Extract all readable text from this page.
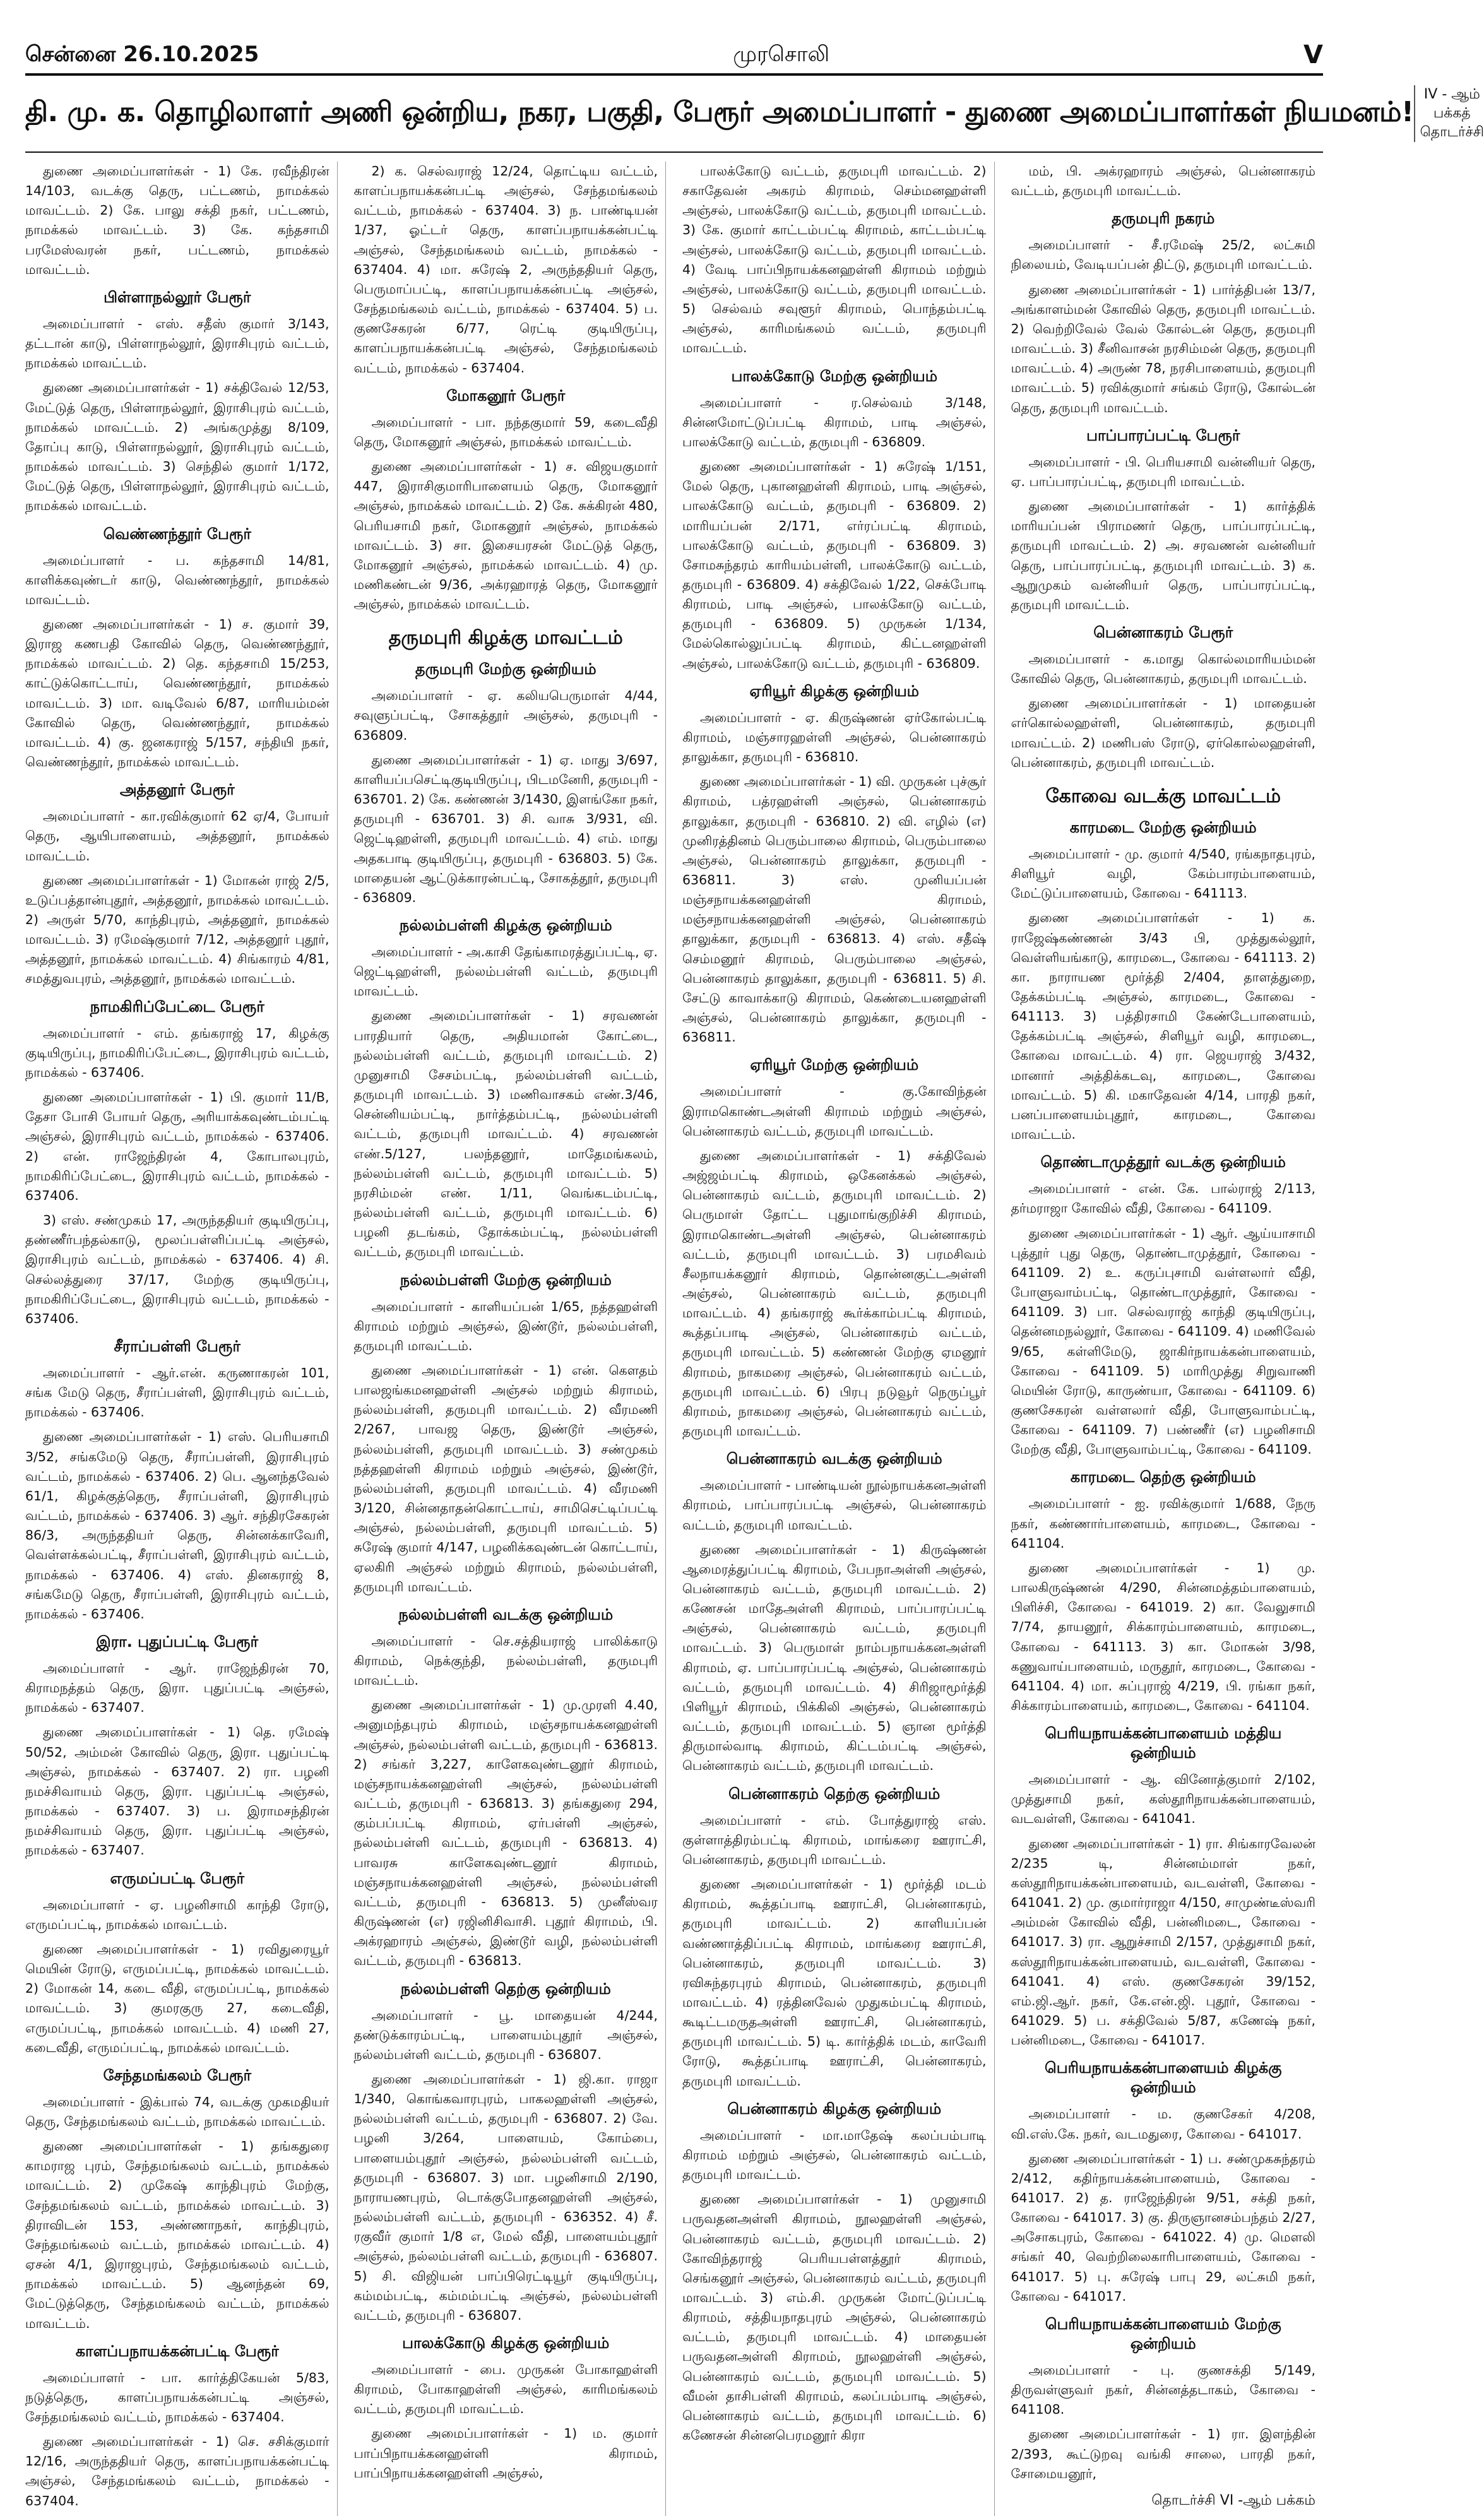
சென்னை 26.10.2025	முரசொலி	V
தி. மு. க. தொழிலாளர் அணி ஒன்றிய, நகர, பகுதி, பேரூர் அமைப்பாளர் - துணை அமைப்பாளர்கள் நியமனம்!
IV - ஆம் பக்கத் தொடர்ச்சி

துணை அமைப்பாளர்கள் - 1) கே. ரவீந்திரன் 14/103, வடக்கு தெரு, பட்டணம், நாமக்கல் மாவட்டம். 2) கே. பாலு சக்தி நகர், பட்டணம், நாமக்கல் மாவட்டம். 3) கே. கந்தசாமி பரமேஸ்வரன் நகர், பட்டணம், நாமக்கல் மாவட்டம்.

பிள்ளாநல்லூர் பேரூர்

அமைப்பாளர் - எஸ். சதீஸ் குமார் 3/143, தட்டான் காடு, பிள்ளாநல்லூர், இராசிபுரம் வட்டம், நாமக்கல் மாவட்டம்.

துணை அமைப்பாளர்கள் - 1) சக்திவேல் 12/53, மேட்டுத் தெரு, பிள்ளாநல்லூர், இராசிபுரம் வட்டம், நாமக்கல் மாவட்டம். 2) அங்கமுத்து 8/109, தோப்பு காடு, பிள்ளாநல்லூர், இராசிபுரம் வட்டம், நாமக்கல் மாவட்டம். 3) செந்தில் குமார் 1/172, மேட்டுத் தெரு, பிள்ளாநல்லூர், இராசிபுரம் வட்டம், நாமக்கல் மாவட்டம்.

வெண்ணந்தூர் பேரூர்

அமைப்பாளர் - ப. கந்தசாமி 14/81, காளிக்கவுண்டர் காடு, வெண்ணந்தூர், நாமக்கல் மாவட்டம்.

துணை அமைப்பாளர்கள் - 1) ச. குமார் 39, இராஜ கணபதி கோவில் தெரு, வெண்ணந்தூர், நாமக்கல் மாவட்டம். 2) தெ. கந்தசாமி 15/253, காட்டுக்கொட்டாய், வெண்ணந்தூர், நாமக்கல் மாவட்டம். 3) மா. வடிவேல் 6/87, மாரியம்மன் கோவில் தெரு, வெண்ணந்தூர், நாமக்கல் மாவட்டம். 4) கு. ஜனகராஜ் 5/157, சந்தியி நகர், வெண்ணந்தூர், நாமக்கல் மாவட்டம்.

அத்தனூர் பேரூர்

அமைப்பாளர் - கா.ரவிக்குமார் 62 ஏ/4, போயர் தெரு, ஆயிபாளையம், அத்தனூர், நாமக்கல் மாவட்டம்.

துணை அமைப்பாளர்கள் - 1) மோகன் ராஜ் 2/5, உடுப்பத்தான்புதூர், அத்தனூர், நாமக்கல் மாவட்டம். 2) அருள் 5/70, காந்திபுரம், அத்தனூர், நாமக்கல் மாவட்டம். 3) ரமேஷ்குமார் 7/12, அத்தனூர் புதூர், அத்தனூர், நாமக்கல் மாவட்டம். 4) சிங்காரம் 4/81, சமத்துவபுரம், அத்தனூர், நாமக்கல் மாவட்டம்.

நாமகிரிப்பேட்டை பேரூர்

அமைப்பாளர் - எம். தங்கராஜ் 17, கிழக்கு குடியிருப்பு, நாமகிரிப்பேட்டை, இராசிபுரம் வட்டம், நாமக்கல் - 637406.

துணை அமைப்பாளர்கள் - 1) பி. குமார் 11/B, தேசா போசி போயர் தெரு, அரியாக்கவுண்டம்பட்டி அஞ்சல், இராசிபுரம் வட்டம், நாமக்கல் - 637406. 2) என். ராஜேந்திரன் 4, கோபாலபுரம், நாமகிரிப்பேட்டை, இராசிபுரம் வட்டம், நாமக்கல் - 637406.

3) எஸ். சண்முகம் 17, அருந்ததியர் குடியிருப்பு, தண்ணீர்பந்தல்காடு, மூலப்பள்ளிப்பட்டி அஞ்சல், இராசிபுரம் வட்டம், நாமக்கல் - 637406. 4) சி. செல்லத்துரை 37/17, மேற்கு குடியிருப்பு, நாமகிரிப்பேட்டை, இராசிபுரம் வட்டம், நாமக்கல் - 637406.

சீராப்பள்ளி பேரூர்

அமைப்பாளர் - ஆர்.என். கருணாகரன் 101, சங்க மேடு தெரு, சீராப்பள்ளி, இராசிபுரம் வட்டம், நாமக்கல் - 637406.

துணை அமைப்பாளர்கள் - 1) எஸ். பெரியசாமி 3/52, சங்கமேடு தெரு, சீராப்பள்ளி, இராசிபுரம் வட்டம், நாமக்கல் - 637406. 2) பெ. ஆனந்தவேல் 61/1, கிழக்குத்தெரு, சீராப்பள்ளி, இராசிபுரம் வட்டம், நாமக்கல் - 637406. 3) ஆர். சந்திரசேகரன் 86/3, அருந்ததியர் தெரு, சின்னக்காவேரி, வெள்ளக்கல்பட்டி, சீராப்பள்ளி, இராசிபுரம் வட்டம், நாமக்கல் - 637406. 4) எஸ். தினகராஜ் 8, சங்கமேடு தெரு, சீராப்பள்ளி, இராசிபுரம் வட்டம், நாமக்கல் - 637406.

இரா. புதுப்பட்டி பேரூர்

அமைப்பாளர் - ஆர். ராஜேந்திரன் 70, கிராமநத்தம் தெரு, இரா. புதுப்பட்டி அஞ்சல், நாமக்கல் - 637407.

துணை அமைப்பாளர்கள் - 1) தெ. ரமேஷ் 50/52, அம்மன் கோவில் தெரு, இரா. புதுப்பட்டி அஞ்சல், நாமக்கல் - 637407. 2) ரா. பழனி நமச்சிவாயம் தெரு, இரா. புதுப்பட்டி அஞ்சல், நாமக்கல் - 637407. 3) ப. இராமசந்திரன் நமச்சிவாயம் தெரு, இரா. புதுப்பட்டி அஞ்சல், நாமக்கல் - 637407.

எருமப்பட்டி பேரூர்

அமைப்பாளர் - ஏ. பழனிசாமி காந்தி ரோடு, எருமப்பட்டி, நாமக்கல் மாவட்டம்.

துணை அமைப்பாளர்கள் - 1) ரவிதுரையூர் மெயின் ரோடு, எருமப்பட்டி, நாமக்கல் மாவட்டம். 2) மோகன் 14, கடை வீதி, எருமப்பட்டி, நாமக்கல் மாவட்டம். 3) குமரகுரு 27, கடைவீதி, எருமப்பட்டி, நாமக்கல் மாவட்டம். 4) மணி 27, கடைவீதி, எருமப்பட்டி, நாமக்கல் மாவட்டம்.

சேந்தமங்கலம் பேரூர்

அமைப்பாளர் - இக்பால் 74, வடக்கு முகமதியர் தெரு, சேந்தமங்கலம் வட்டம், நாமக்கல் மாவட்டம்.

துணை அமைப்பாளர்கள் - 1) தங்கதுரை காமராஜ புரம், சேந்தமங்கலம் வட்டம், நாமக்கல் மாவட்டம். 2) முகேஷ் காந்திபுரம் மேற்கு, சேந்தமங்கலம் வட்டம், நாமக்கல் மாவட்டம். 3) திராவிடன் 153, அண்ணாநகர், காந்திபுரம், சேந்தமங்கலம் வட்டம், நாமக்கல் மாவட்டம். 4) ஏசன் 4/1, இராஜபுரம், சேந்தமங்கலம் வட்டம், நாமக்கல் மாவட்டம். 5) ஆனந்தன் 69, மேட்டுத்தெரு, சேந்தமங்கலம் வட்டம், நாமக்கல் மாவட்டம்.

காளப்பநாயக்கன்பட்டி பேரூர்

அமைப்பாளர் - பா. கார்த்திகேயன் 5/83, நடுத்தெரு, காளப்பநாயக்கன்பட்டி அஞ்சல், சேந்தமங்கலம் வட்டம், நாமக்கல் - 637404.

துணை அமைப்பாளர்கள் - 1) செ. சசிக்குமார் 12/16, அருந்ததியர் தெரு, காளப்பநாயக்கன்பட்டி அஞ்சல், சேந்தமங்கலம் வட்டம், நாமக்கல் - 637404.

2) க. செல்வராஜ் 12/24, தொட்டிய வட்டம், காளப்பநாயக்கன்பட்டி அஞ்சல், சேந்தமங்கலம் வட்டம், நாமக்கல் - 637404. 3) ந. பாண்டியன் 1/37, ஓட்டர் தெரு, காளப்பநாயக்கன்பட்டி அஞ்சல், சேந்தமங்கலம் வட்டம், நாமக்கல் - 637404. 4) மா. சுரேஷ் 2, அருந்ததியர் தெரு, பெருமாப்பட்டி, காளப்பநாயக்கன்பட்டி அஞ்சல், சேந்தமங்கலம் வட்டம், நாமக்கல் - 637404. 5) ப. குணசேகரன் 6/77, ரெட்டி குடியிருப்பு, காளப்பநாயக்கன்பட்டி அஞ்சல், சேந்தமங்கலம் வட்டம், நாமக்கல் - 637404.

மோகனூர் பேரூர்

அமைப்பாளர் - பா. நந்தகுமார் 59, கடைவீதி தெரு, மோகனூர் அஞ்சல், நாமக்கல் மாவட்டம்.

துணை அமைப்பாளர்கள் - 1) ச. விஜயகுமார் 447, இராசிகுமாரிபாளையம் தெரு, மோகனூர் அஞ்சல், நாமக்கல் மாவட்டம். 2) கே. சுக்கிரன் 480, பெரியசாமி நகர், மோகனூர் அஞ்சல், நாமக்கல் மாவட்டம். 3) சா. இசையரசன் மேட்டுத் தெரு, மோகனூர் அஞ்சல், நாமக்கல் மாவட்டம். 4) மு. மணிகண்டன் 9/36, அக்ரஹாரத் தெரு, மோகனூர் அஞ்சல், நாமக்கல் மாவட்டம்.

தருமபுரி கிழக்கு மாவட்டம்
தருமபுரி மேற்கு ஒன்றியம்

அமைப்பாளர் - ஏ. கலியபெருமாள் 4/44, சவுளுப்பட்டி, சோகத்தூர் அஞ்சல், தருமபுரி - 636809.

துணை அமைப்பாளர்கள் - 1) ஏ. மாது 3/697, காளியப்பசெட்டிகுடியிருப்பு, பிடமனேரி, தருமபுரி - 636701. 2) கே. கண்ணன் 3/1430, இளங்கோ நகர், தருமபுரி - 636701. 3) சி. வாசு 3/931, வி. ஜெட்டிஹள்ளி, தருமபுரி மாவட்டம். 4) எம். மாது அதகபாடி குடியிருப்பு, தருமபுரி - 636803. 5) கே. மாதையன் ஆட்டுக்காரன்பட்டி, சோகத்தூர், தருமபுரி - 636809.

நல்லம்பள்ளி கிழக்கு ஒன்றியம்

அமைப்பாளர் - அ.காசி தேங்காமரத்துப்பட்டி, ஏ. ஜெட்டிஹள்ளி, நல்லம்பள்ளி வட்டம், தருமபுரி மாவட்டம்.

துணை அமைப்பாளர்கள் - 1) சரவணன் பாரதியார் தெரு, அதியமான் கோட்டை, நல்லம்பள்ளி வட்டம், தருமபுரி மாவட்டம். 2) முனுசாமி சேசம்பட்டி, நல்லம்பள்ளி வட்டம், தருமபுரி மாவட்டம். 3) மணிவாசகம் எண்.3/46, சென்னியம்பட்டி, நார்த்தம்பட்டி, நல்லம்பள்ளி வட்டம், தருமபுரி மாவட்டம். 4) சரவணன் எண்.5/127, பலந்தனூர், மாதேமங்கலம், நல்லம்பள்ளி வட்டம், தருமபுரி மாவட்டம். 5) நரசிம்மன் எண். 1/11, வெங்கடம்பட்டி, நல்லம்பள்ளி வட்டம், தருமபுரி மாவட்டம். 6) பழனி தடங்கம், தோக்கம்பட்டி, நல்லம்பள்ளி வட்டம், தருமபுரி மாவட்டம்.

நல்லம்பள்ளி மேற்கு ஒன்றியம்

அமைப்பாளர் - காளியப்பன் 1/65, நத்தஹள்ளி கிராமம் மற்றும் அஞ்சல், இண்டூர், நல்லம்பள்ளி, தருமபுரி மாவட்டம்.

துணை அமைப்பாளர்கள் - 1) என். கெளதம் பாலஜங்கமனஹள்ளி அஞ்சல் மற்றும் கிராமம், நல்லம்பள்ளி, தருமபுரி மாவட்டம். 2) வீரமணி 2/267, பாவஜ தெரு, இண்டூர் அஞ்சல், நல்லம்பள்ளி, தருமபுரி மாவட்டம். 3) சண்முகம் நத்தஹள்ளி கிராமம் மற்றும் அஞ்சல், இண்டூர், நல்லம்பள்ளி, தருமபுரி மாவட்டம். 4) வீரமணி 3/120, சின்னதாதன்கொட்டாய், சாமிசெட்டிப்பட்டி அஞ்சல், நல்லம்பள்ளி, தருமபுரி மாவட்டம். 5) சுரேஷ் குமார் 4/147, பழனிக்கவுண்டன் கொட்டாய், ஏலகிரி அஞ்சல் மற்றும் கிராமம், நல்லம்பள்ளி, தருமபுரி மாவட்டம்.

நல்லம்பள்ளி வடக்கு ஒன்றியம்

அமைப்பாளர் - செ.சத்தியராஜ் பாலிக்காடு கிராமம், நெக்குந்தி, நல்லம்பள்ளி, தருமபுரி மாவட்டம்.

துணை அமைப்பாளர்கள் - 1) மு.முரளி 4.40, அனுமந்தபுரம் கிராமம், மஞ்சநாயக்கனஹள்ளி அஞ்சல், நல்லம்பள்ளி வட்டம், தருமபுரி - 636813. 2) சங்கர் 3,227, காளேகவுண்டனூர் கிராமம், மஞ்சநாயக்கனஹள்ளி அஞ்சல், நல்லம்பள்ளி வட்டம், தருமபுரி - 636813. 3) தங்கதுரை 294, கும்பப்பட்டி கிராமம், ஏர்பள்ளி அஞ்சல், நல்லம்பள்ளி வட்டம், தருமபுரி - 636813. 4) பாவரசு காளேகவுண்டனூர் கிராமம், மஞ்சநாயக்கனஹள்ளி அஞ்சல், நல்லம்பள்ளி வட்டம், தருமபுரி - 636813. 5) முனீஸ்வர கிருஷ்ணன் (எ) ரஜினிசிவாசி. புதூர் கிராமம், பி. அக்ரஹாரம் அஞ்சல், இண்டூர் வழி, நல்லம்பள்ளி வட்டம், தருமபுரி - 636813.

நல்லம்பள்ளி தெற்கு ஒன்றியம்

அமைப்பாளர் - பூ. மாதையன் 4/244, தண்டுக்காரம்பட்டி, பாளையம்புதூர் அஞ்சல், நல்லம்பள்ளி வட்டம், தருமபுரி - 636807.

துணை அமைப்பாளர்கள் - 1) ஜி.கா. ராஜா 1/340, கொங்கவாரபுரம், பாகலஹள்ளி அஞ்சல், நல்லம்பள்ளி வட்டம், தருமபுரி - 636807. 2) வே. பழனி 3/264, பாளையம், கோம்பை, பாளையம்புதூர் அஞ்சல், நல்லம்பள்ளி வட்டம், தருமபுரி - 636807. 3) மா. பழனிசாமி 2/190, நாராயணபுரம், டொக்குபோதனஹள்ளி அஞ்சல், நல்லம்பள்ளி வட்டம், தருமபுரி - 636352. 4) சீ. ரகுவீர் குமார் 1/8 எ, மேல் வீதி, பாளையம்புதூர் அஞ்சல், நல்லம்பள்ளி வட்டம், தருமபுரி - 636807. 5) சி. விஜியன் பாப்பிரெட்டியூர் குடியிருப்பு, கம்மம்பட்டி, கம்மம்பட்டி அஞ்சல், நல்லம்பள்ளி வட்டம், தருமபுரி - 636807.

பாலக்கோடு கிழக்கு ஒன்றியம்

அமைப்பாளர் - பை. முருகன் போகாஹள்ளி கிராமம், போகாஹள்ளி அஞ்சல், காரிமங்கலம் வட்டம், தருமபுரி மாவட்டம்.

துணை அமைப்பாளர்கள் - 1) ம. குமார் பாப்பிநாயக்கனஹள்ளி கிராமம், பாப்பிநாயக்கனஹள்ளி அஞ்சல்,

பாலக்கோடு வட்டம், தருமபுரி மாவட்டம். 2) சகாதேவன் அகரம் கிராமம், செம்மனஹள்ளி அஞ்சல், பாலக்கோடு வட்டம், தருமபுரி மாவட்டம். 3) கே. குமார் காட்டம்பட்டி கிராமம், காட்டம்பட்டி அஞ்சல், பாலக்கோடு வட்டம், தருமபுரி மாவட்டம். 4) வேடி பாப்பிநாயக்கனஹள்ளி கிராமம் மற்றும் அஞ்சல், பாலக்கோடு வட்டம், தருமபுரி மாவட்டம். 5) செல்வம் சவுளூர் கிராமம், பொந்தம்பட்டி அஞ்சல், காரிமங்கலம் வட்டம், தருமபுரி மாவட்டம்.

பாலக்கோடு மேற்கு ஒன்றியம்

அமைப்பாளர் - ர.செல்வம் 3/148, சின்னமோட்டுப்பட்டி கிராமம், பாடி அஞ்சல், பாலக்கோடு வட்டம், தருமபுரி - 636809.

துணை அமைப்பாளர்கள் - 1) சுரேஷ் 1/151, மேல் தெரு, புகானஹள்ளி கிராமம், பாடி அஞ்சல், பாலக்கோடு வட்டம், தருமபுரி - 636809. 2) மாரியப்பன் 2/171, எர்ரப்பட்டி கிராமம், பாலக்கோடு வட்டம், தருமபுரி - 636809. 3) சோமசுந்தரம் காரியம்பள்ளி, பாலக்கோடு வட்டம், தருமபுரி - 636809. 4) சக்திவேல் 1/22, செக்போடி கிராமம், பாடி அஞ்சல், பாலக்கோடு வட்டம், தருமபுரி - 636809. 5) முருகன் 1/134, மேல்கொல்லுப்பட்டி கிராமம், கிட்டனஹள்ளி அஞ்சல், பாலக்கோடு வட்டம், தருமபுரி - 636809.

ஏரியூர் கிழக்கு ஒன்றியம்

அமைப்பாளர் - ஏ. கிருஷ்ணன் ஏர்கோல்பட்டி கிராமம், மஞ்சாரஹள்ளி அஞ்சல், பென்னாகரம் தாலுக்கா, தருமபுரி - 636810.

துணை அமைப்பாளர்கள் - 1) வி. முருகன் புச்சூர் கிராமம், பத்ரஹள்ளி அஞ்சல், பென்னாகரம் தாலுக்கா, தருமபுரி - 636810. 2) வி. எழில் (எ) முனிரத்தினம் பெரும்பாலை கிராமம், பெரும்பாலை அஞ்சல், பென்னாகரம் தாலுக்கா, தருமபுரி - 636811. 3) எஸ். முனியப்பன் மஞ்சநாயக்கனஹள்ளி கிராமம், மஞ்சநாயக்கனஹள்ளி அஞ்சல், பென்னாகரம் தாலுக்கா, தருமபுரி - 636813. 4) எஸ். சதீஷ் செம்மனூர் கிராமம், பெரும்பாலை அஞ்சல், பென்னாகரம் தாலுக்கா, தருமபுரி - 636811. 5) சி. சேட்டு காவாக்காடு கிராமம், கெண்டையனஹள்ளி அஞ்சல், பென்னாகரம் தாலுக்கா, தருமபுரி - 636811.

ஏரியூர் மேற்கு ஒன்றியம்

அமைப்பாளர் - கு.கோவிந்தன் இராமகொண்டஅள்ளி கிராமம் மற்றும் அஞ்சல், பென்னாகரம் வட்டம், தருமபுரி மாவட்டம்.

துணை அமைப்பாளர்கள் - 1) சக்திவேல் அஜ்ஜம்பட்டி கிராமம், ஒகேனக்கல் அஞ்சல், பென்னாகரம் வட்டம், தருமபுரி மாவட்டம். 2) பெருமாள் தோட்ட புதுமாங்குறிச்சி கிராமம், இராமகொண்டஅள்ளி அஞ்சல், பென்னாகரம் வட்டம், தருமபுரி மாவட்டம். 3) பரமசிவம் சீலநாயக்கனூர் கிராமம், தொன்னகுட்டஅள்ளி அஞ்சல், பென்னாகரம் வட்டம், தருமபுரி மாவட்டம். 4) தங்கராஜ் கூர்க்காம்பட்டி கிராமம், கூத்தப்பாடி அஞ்சல், பென்னாகரம் வட்டம், தருமபுரி மாவட்டம். 5) கண்ணன் மேற்கு ஏமனூர் கிராமம், நாகமரை அஞ்சல், பென்னாகரம் வட்டம், தருமபுரி மாவட்டம். 6) பிரபு நடுவூர் நெருப்பூர் கிராமம், நாகமரை அஞ்சல், பென்னாகரம் வட்டம், தருமபுரி மாவட்டம்.

பென்னாகரம் வடக்கு ஒன்றியம்

அமைப்பாளர் - பாண்டியன் நூல்நாயக்கனஅள்ளி கிராமம், பாப்பாரப்பட்டி அஞ்சல், பென்னாகரம் வட்டம், தருமபுரி மாவட்டம்.

துணை அமைப்பாளர்கள் - 1) கிருஷ்ணன் ஆமைரத்துப்பட்டி கிராமம், பேபநாஅள்ளி அஞ்சல், பென்னாகரம் வட்டம், தருமபுரி மாவட்டம். 2) கணேசன் மாதேஅள்ளி கிராமம், பாப்பாரப்பட்டி அஞ்சல், பென்னாகரம் வட்டம், தருமபுரி மாவட்டம். 3) பெருமாள் நாம்பநாயக்கனஅள்ளி கிராமம், ஏ. பாப்பாரப்பட்டி அஞ்சல், பென்னாகரம் வட்டம், தருமபுரி மாவட்டம். 4) சிரிஜாமூர்த்தி பிளியூர் கிராமம், பிக்கிலி அஞ்சல், பென்னாகரம் வட்டம், தருமபுரி மாவட்டம். 5) ஞான மூர்த்தி திருமால்வாடி கிராமம், கிட்டம்பட்டி அஞ்சல், பென்னாகரம் வட்டம், தருமபுரி மாவட்டம்.

பென்னாகரம் தெற்கு ஒன்றியம்

அமைப்பாளர் - எம். போத்துராஜ் எஸ். குள்ளாத்திரம்பட்டி கிராமம், மாங்கரை ஊராட்சி, பென்னாகரம், தருமபுரி மாவட்டம்.

துணை அமைப்பாளர்கள் - 1) மூர்த்தி மடம் கிராமம், கூத்தப்பாடி ஊராட்சி, பென்னாகரம், தருமபுரி மாவட்டம். 2) காளியப்பன் வண்ணாத்திப்பட்டி கிராமம், மாங்கரை ஊராட்சி, பென்னாகரம், தருமபுரி மாவட்டம். 3) ரவிசுந்தரபுரம் கிராமம், பென்னாகரம், தருமபுரி மாவட்டம். 4) ரத்தினவேல் முதுகம்பட்டி கிராமம், கூடிட்டமருதஅள்ளி ஊராட்சி, பென்னாகரம், தருமபுரி மாவட்டம். 5) டி. கார்த்திக் மடம், காவேரி ரோடு, கூத்தப்பாடி ஊராட்சி, பென்னாகரம், தருமபுரி மாவட்டம்.

பென்னாகரம் கிழக்கு ஒன்றியம்

அமைப்பாளர் - மா.மாதேஷ் கலப்பம்பாடி கிராமம் மற்றும் அஞ்சல், பென்னாகரம் வட்டம், தருமபுரி மாவட்டம்.

துணை அமைப்பாளர்கள் - 1) முனுசாமி பருவதனஅள்ளி கிராமம், நூலஹள்ளி அஞ்சல், பென்னாகரம் வட்டம், தருமபுரி மாவட்டம். 2) கோவிந்தராஜ் பெரியபள்ளத்தூர் கிராமம், செங்கனூர் அஞ்சல், பென்னாகரம் வட்டம், தருமபுரி மாவட்டம். 3) எம்.சி. முருகன் மோட்டுப்பட்டி கிராமம், சத்தியநாதபுரம் அஞ்சல், பென்னாகரம் வட்டம், தருமபுரி மாவட்டம். 4) மாதையன் பருவதனஅள்ளி கிராமம், நூலஹள்ளி அஞ்சல், பென்னாகரம் வட்டம், தருமபுரி மாவட்டம். 5) வீமன் தாசிபள்ளி கிராமம், கலப்பம்பாடி அஞ்சல், பென்னாகரம் வட்டம், தருமபுரி மாவட்டம். 6) கணேசன் சின்னபெரமனூர் கிரா

மம், பி. அக்ரஹாரம் அஞ்சல், பென்னாகரம் வட்டம், தருமபுரி மாவட்டம்.

தருமபுரி நகரம்

அமைப்பாளர் - சீ.ரமேஷ் 25/2, லட்சுமி நிலையம், வேடியப்பன் திட்டு, தருமபுரி மாவட்டம்.

துணை அமைப்பாளர்கள் - 1) பார்த்திபன் 13/7, அங்காளம்மன் கோவில் தெரு, தருமபுரி மாவட்டம். 2) வெற்றிவேல் வேல் கோல்டன் தெரு, தருமபுரி மாவட்டம். 3) சீனிவாசன் நரசிம்மன் தெரு, தருமபுரி மாவட்டம். 4) அருண் 78, நரசிபாளையம், தருமபுரி மாவட்டம். 5) ரவிக்குமார் சங்கம் ரோடு, கோல்டன் தெரு, தருமபுரி மாவட்டம்.

பாப்பாரப்பட்டி பேரூர்

அமைப்பாளர் - பி. பெரியசாமி வன்னியர் தெரு, ஏ. பாப்பாரப்பட்டி, தருமபுரி மாவட்டம்.

துணை அமைப்பாளர்கள் - 1) கார்த்திக் மாரியப்பன் பிராமணர் தெரு, பாப்பாரப்பட்டி, தருமபுரி மாவட்டம். 2) அ. சரவணன் வன்னியர் தெரு, பாப்பாரப்பட்டி, தருமபுரி மாவட்டம். 3) க. ஆறுமுகம் வன்னியர் தெரு, பாப்பாரப்பட்டி, தருமபுரி மாவட்டம்.

பென்னாகரம் பேரூர்

அமைப்பாளர் - க.மாது கொல்லமாரியம்மன் கோவில் தெரு, பென்னாகரம், தருமபுரி மாவட்டம்.

துணை அமைப்பாளர்கள் - 1) மாதையன் எர்கொல்லஹள்ளி, பென்னாகரம், தருமபுரி மாவட்டம். 2) மணிபஸ் ரோடு, ஏர்கொல்லஹள்ளி, பென்னாகரம், தருமபுரி மாவட்டம்.

கோவை வடக்கு மாவட்டம்
காரமடை மேற்கு ஒன்றியம்

அமைப்பாளர் - மு. குமார் 4/540, ரங்கநாதபுரம், சிளியூர் வழி, கேம்பாரம்பாளையம், மேட்டுப்பாளையம், கோவை - 641113.

துணை அமைப்பாளர்கள் - 1) க. ராஜேஷ்கண்ணன் 3/43 பி, முத்துகல்லூர், வெள்ளியங்காடு, காரமடை, கோவை - 641113. 2) கா. நாராயண மூர்த்தி 2/404, தாளத்துறை, தேக்கம்பட்டி அஞ்சல், காரமடை, கோவை - 641113. 3) பத்திரசாமி கேண்டேபாளையம், தேக்கம்பட்டி அஞ்சல், சிளியூர் வழி, காரமடை, கோவை மாவட்டம். 4) ரா. ஜெயராஜ் 3/432, மானார் அத்திக்கடவு, காரமடை, கோவை மாவட்டம். 5) கி. மகாதேவன் 4/14, பாரதி நகர், பனப்பாளையம்புதூர், காரமடை, கோவை மாவட்டம்.

தொண்டாமுத்தூர் வடக்கு ஒன்றியம்

அமைப்பாளர் - என். கே. பால்ராஜ் 2/113, தர்மராஜா கோவில் வீதி, கோவை - 641109.

துணை அமைப்பாளர்கள் - 1) ஆர். ஆய்யாசாமி புத்தூர் புது தெரு, தொண்டாமுத்தூர், கோவை - 641109. 2) உ. கருப்புசாமி வள்ளலார் வீதி, போளுவாம்பட்டி, தொண்டாமுத்தூர், கோவை - 641109. 3) பா. செல்வராஜ் காந்தி குடியிருப்பு, தென்னமநல்லூர், கோவை - 641109. 4) மணிவேல் 9/65, கள்ளிமேடு, ஜாகிர்நாயக்கன்பாளையம், கோவை - 641109. 5) மாரிமுத்து சிறுவாணி மெயின் ரோடு, காருண்யா, கோவை - 641109. 6) குணசேகரன் வள்ளலார் வீதி, போளுவாம்பட்டி, கோவை - 641109. 7) பண்ணீர் (எ) பழனிசாமி மேற்கு வீதி, போளுவாம்பட்டி, கோவை - 641109.

காரமடை தெற்கு ஒன்றியம்

அமைப்பாளர் - ஐ. ரவிக்குமார் 1/688, நேரு நகர், கண்ணார்பாளையம், காரமடை, கோவை - 641104.

துணை அமைப்பாளர்கள் - 1) மு. பாலகிருஷ்ணன் 4/290, சின்னமத்தம்பாளையம், பிளிச்சி, கோவை - 641019. 2) கா. வேலுசாமி 7/74, தாயனூர், சிக்காரம்பாளையம், காரமடை, கோவை - 641113. 3) கா. மோகன் 3/98, கணுவாய்பாளையம், மருதூர், காரமடை, கோவை - 641104. 4) மா. சுப்புராஜ் 4/219, பி. ரங்கா நகர், சிக்காரம்பாளையம், காரமடை, கோவை - 641104.

பெரியநாயக்கன்பாளையம் மத்திய ஒன்றியம்

அமைப்பாளர் - ஆ. வினோத்குமார் 2/102, முத்துசாமி நகர், கஸ்தூரிநாயக்கன்பாளையம், வடவள்ளி, கோவை - 641041.

துணை அமைப்பாளர்கள் - 1) ரா. சிங்காரவேலன் 2/235 டி, சின்னம்மாள் நகர், கஸ்தூரிநாயக்கன்பாளையம், வடவள்ளி, கோவை - 641041. 2) மு. குமார்ராஜா 4/150, சாமுண்டீஸ்வரி அம்மன் கோவில் வீதி, பன்னிமடை, கோவை - 641017. 3) ரா. ஆறுச்சாமி 2/157, முத்துசாமி நகர், கஸ்தூரிநாயக்கன்பாளையம், வடவள்ளி, கோவை - 641041. 4) எஸ். குணசேகரன் 39/152, எம்.ஜி.ஆர். நகர், கே.என்.ஜி. புதூர், கோவை - 641029. 5) ப. சக்திவேல் 5/87, கணேஷ் நகர், பன்னிமடை, கோவை - 641017.

பெரியநாயக்கன்பாளையம் கிழக்கு ஒன்றியம்

அமைப்பாளர் - ம. குணசேகர் 4/208, வி.எஸ்.கே. நகர், வடமதுரை, கோவை - 641017.

துணை அமைப்பாளர்கள் - 1) ப. சண்முகசுந்தரம் 2/412, கதிர்நாயக்கன்பாளையம், கோவை - 641017. 2) த. ராஜேந்திரன் 9/51, சக்தி நகர், கோவை - 641017. 3) கு. திருஞானசம்பந்தம் 2/27, அசோகபுரம், கோவை - 641022. 4) மு. மௌலி சங்கர் 40, வெற்றிலைகாரிபாளையம், கோவை - 641017. 5) பு. சுரேஷ் பாபு 29, லட்சுமி நகர், கோவை - 641017.

பெரியநாயக்கன்பாளையம் மேற்கு ஒன்றியம்

அமைப்பாளர் - பு. குணசக்தி 5/149, திருவள்ளுவர் நகர், சின்னத்தடாகம், கோவை - 641108.

துணை அமைப்பாளர்கள் - 1) ரா. இளந்தின் 2/393, கூட்டுறவு வங்கி சாலை, பாரதி நகர், சோமையனூர்,

தொடர்ச்சி VI -ஆம் பக்கம்
